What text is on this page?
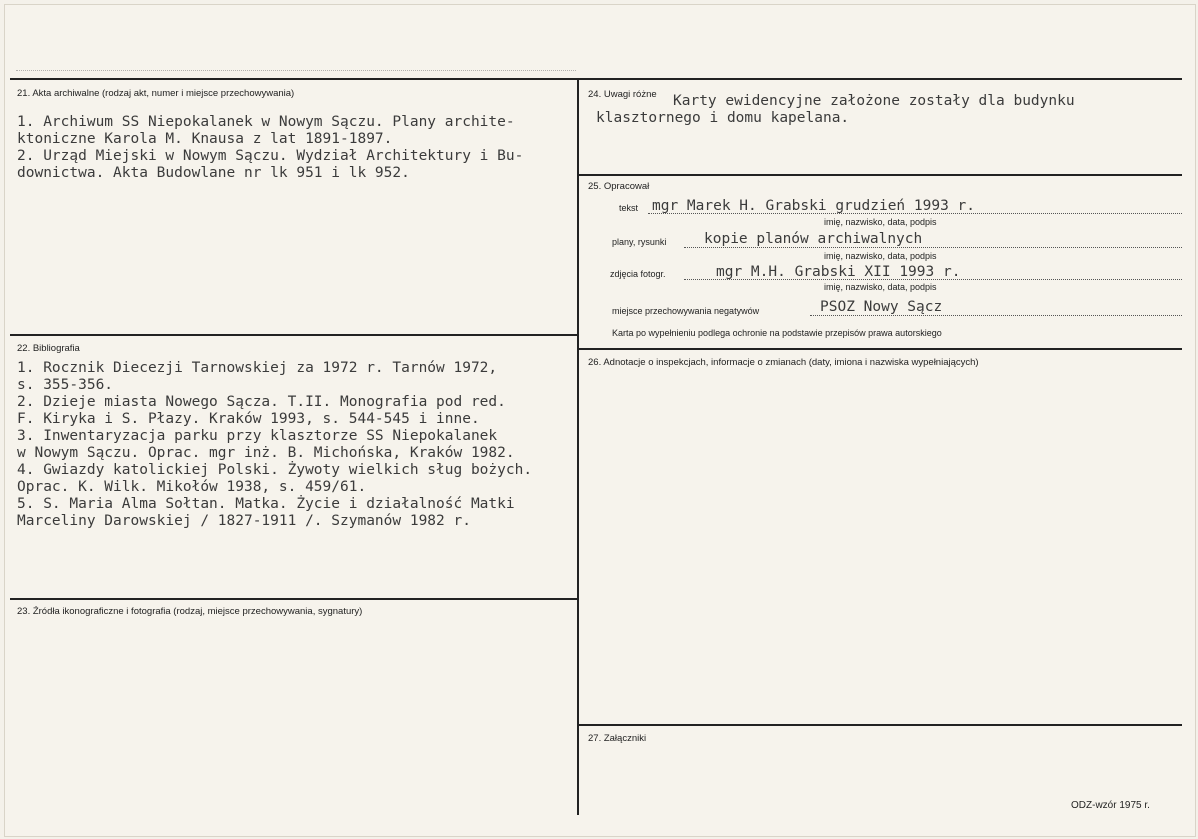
21. Akta archiwalne (rodzaj akt, numer i miejsce przechowywania)
1. Archiwum SS Niepokalanek w Nowym Sączu. Plany archite-
ktoniczne Karola M. Knausa z lat 1891-1897.
2. Urząd Miejski w Nowym Sączu. Wydział Architektury i Bu-
downictwa. Akta Budowlane nr lk 951 i lk 952.
22. Bibliografia
1. Rocznik Diecezji Tarnowskiej za 1972 r. Tarnów 1972,
s. 355-356.
2. Dzieje miasta Nowego Sącza. T.II. Monografia pod red.
F. Kiryka i S. Płazy. Kraków 1993, s. 544-545 i inne.
3. Inwentaryzacja parku przy klasztorze SS Niepokalanek
w Nowym Sączu. Oprac. mgr inż. B. Michońska, Kraków 1982.
4. Gwiazdy katolickiej Polski. Żywoty wielkich sług bożych.
Oprac. K. Wilk. Mikołów 1938, s. 459/61.
5. S. Maria Alma Sołtan. Matka. Życie i działalność Matki
Marceliny Darowskiej / 1827-1911 /. Szymanów 1982 r.
23. Źródła ikonograficzne i fotografia (rodzaj, miejsce przechowywania, sygnatury)
24. Uwagi różne Karty ewidencyjne założone zostały dla budynku
klasztornego i domu kapelana.
25. Opracował
tekst mgr Marek H. Grabski grudzień 1993 r.
imię, nazwisko, data, podpis
plany, rysunki	kopie planów archiwalnych
imię, nazwisko, data, podpis
zdjęcia fotogr.	mgr M.H. Grabski XII 1993 r.
imię, nazwisko, data, podpis
miejsce przechowywania negatywów	PSOZ Nowy Sącz
Karta po wypełnieniu podlega ochronie na podstawie przepisów prawa autorskiego
26. Adnotacje o inspekcjach, informacje o zmianach (daty, imiona i nazwiska wypełniających)
27. Załączniki
ODZ-wzór 1975 r.
